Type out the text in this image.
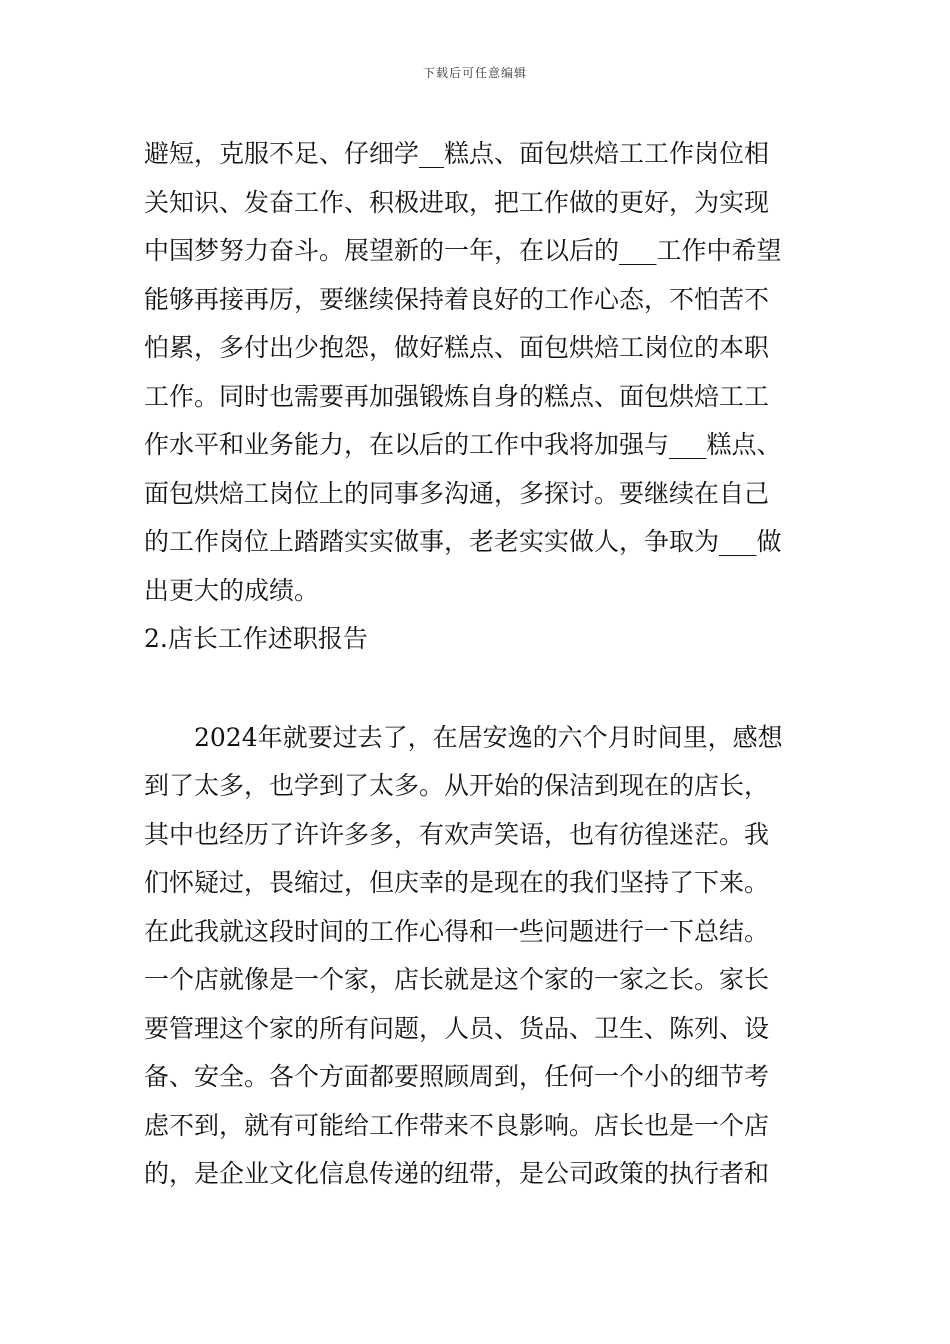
下载后可任意编辑
避短，克服不足、仔细学__糕点、面包烘焙工工作岗位相
关知识、发奋工作、积极进取，把工作做的更好，为实现
中国梦努力奋斗。展望新的一年，在以后的___工作中希望
能够再接再厉，要继续保持着良好的工作心态，不怕苦不
怕累，多付出少抱怨，做好糕点、面包烘焙工岗位的本职
工作。同时也需要再加强锻炼自身的糕点、面包烘焙工工
作水平和业务能力，在以后的工作中我将加强与___糕点、
面包烘焙工岗位上的同事多沟通，多探讨。要继续在自己
的工作岗位上踏踏实实做事，老老实实做人，争取为___做
出更大的成绩。
2.店长工作述职报告
2024年就要过去了，在居安逸的六个月时间里，感想
到了太多，也学到了太多。从开始的保洁到现在的店长，
其中也经历了许许多多，有欢声笑语，也有彷徨迷茫。我
们怀疑过，畏缩过，但庆幸的是现在的我们坚持了下来。
在此我就这段时间的工作心得和一些问题进行一下总结。
一个店就像是一个家，店长就是这个家的一家之长。家长
要管理这个家的所有问题，人员、货品、卫生、陈列、设
备、安全。各个方面都要照顾周到，任何一个小的细节考
虑不到，就有可能给工作带来不良影响。店长也是一个店
的，是企业文化信息传递的纽带，是公司政策的执行者和
